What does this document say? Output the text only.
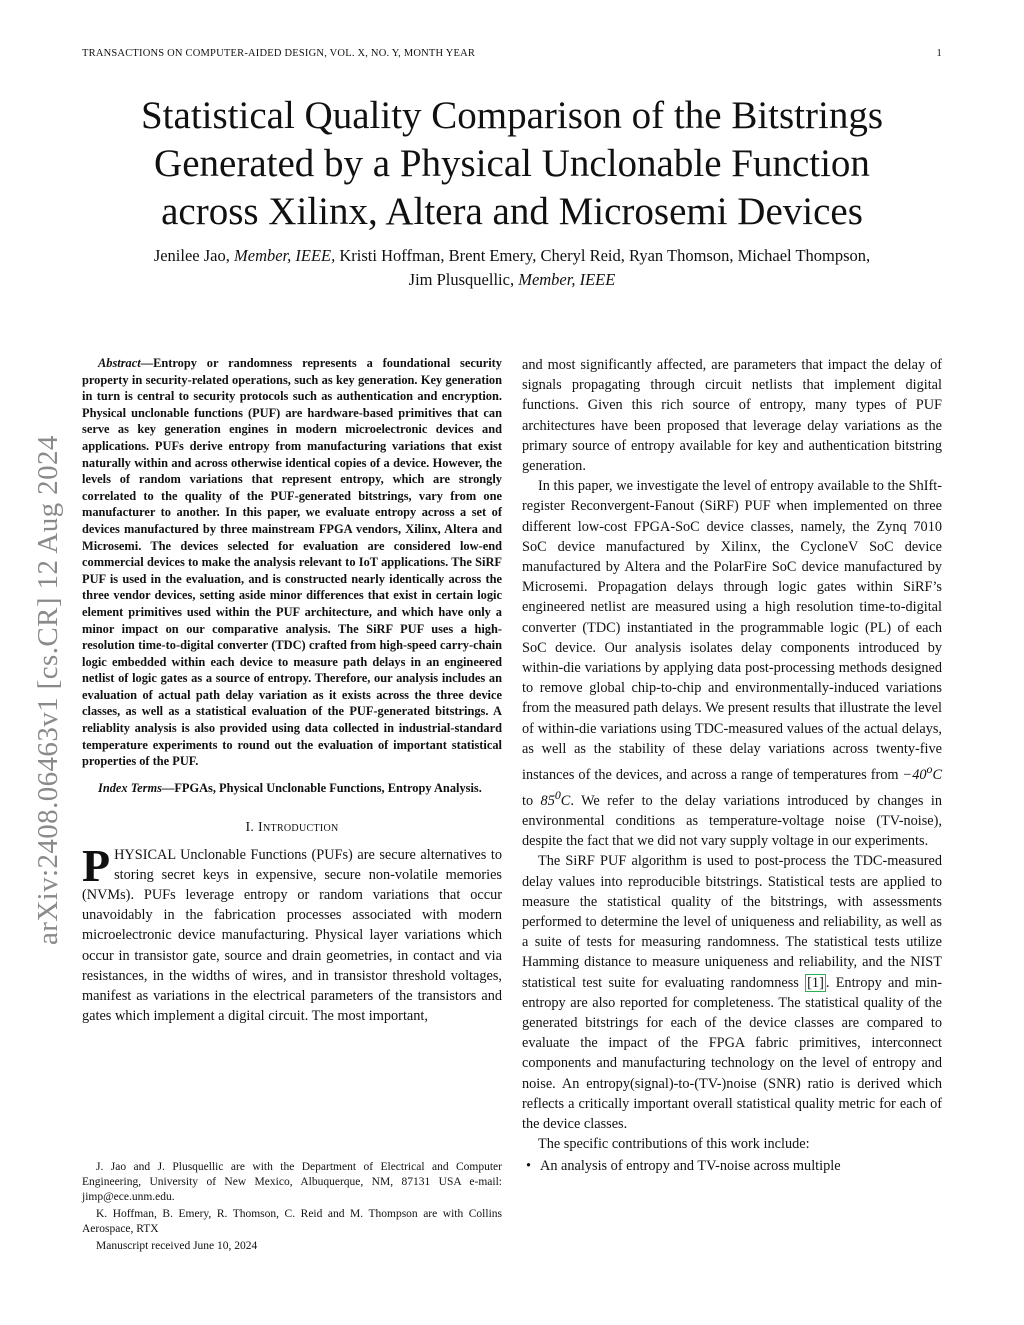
TRANSACTIONS ON COMPUTER-AIDED DESIGN, VOL. X, NO. Y, MONTH YEAR	1
arXiv:2408.06463v1 [cs.CR] 12 Aug 2024
Statistical Quality Comparison of the Bitstrings
Generated by a Physical Unclonable Function
across Xilinx, Altera and Microsemi Devices
Jenilee Jao, Member, IEEE, Kristi Hoffman, Brent Emery, Cheryl Reid, Ryan Thomson, Michael Thompson,
Jim Plusquellic, Member, IEEE

Abstract—Entropy or randomness represents a foundational security property in security-related operations, such as key generation. Key generation in turn is central to security protocols such as authentication and encryption. Physical unclonable functions (PUF) are hardware-based primitives that can serve as key generation engines in modern microelectronic devices and applications. PUFs derive entropy from manufacturing variations that exist naturally within and across otherwise identical copies of a device. However, the levels of random variations that represent entropy, which are strongly correlated to the quality of the PUF-generated bitstrings, vary from one manufacturer to another. In this paper, we evaluate entropy across a set of devices manufactured by three mainstream FPGA vendors, Xilinx, Altera and Microsemi. The devices selected for evaluation are considered low-end commercial devices to make the analysis relevant to IoT applications. The SiRF PUF is used in the evaluation, and is constructed nearly identically across the three vendor devices, setting aside minor differences that exist in certain logic element primitives used within the PUF architecture, and which have only a minor impact on our comparative analysis. The SiRF PUF uses a high-resolution time-to-digital converter (TDC) crafted from high-speed carry-chain logic embedded within each device to measure path delays in an engineered netlist of logic gates as a source of entropy. Therefore, our analysis includes an evaluation of actual path delay variation as it exists across the three device classes, as well as a statistical evaluation of the PUF-generated bitstrings. A reliablity analysis is also provided using data collected in industrial-standard temperature experiments to round out the evaluation of important statistical properties of the PUF.

Index Terms—FPGAs, Physical Unclonable Functions, Entropy Analysis.

I. Introduction

PHYSICAL Unclonable Functions (PUFs) are secure alternatives to storing secret keys in expensive, secure non-volatile memories (NVMs). PUFs leverage entropy or random variations that occur unavoidably in the fabrication processes associated with modern microelectronic device manufacturing. Physical layer variations which occur in transistor gate, source and drain geometries, in contact and via resistances, in the widths of wires, and in transistor threshold voltages, manifest as variations in the electrical parameters of the transistors and gates which implement a digital circuit. The most important,

J. Jao and J. Plusquellic are with the Department of Electrical and Computer Engineering, University of New Mexico, Albuquerque, NM, 87131 USA e-mail: jimp@ece.unm.edu.

K. Hoffman, B. Emery, R. Thomson, C. Reid and M. Thompson are with Collins Aerospace, RTX

Manuscript received June 10, 2024

and most significantly affected, are parameters that impact the delay of signals propagating through circuit netlists that implement digital functions. Given this rich source of entropy, many types of PUF architectures have been proposed that leverage delay variations as the primary source of entropy available for key and authentication bitstring generation.

In this paper, we investigate the level of entropy available to the ShIft-register Reconvergent-Fanout (SiRF) PUF when implemented on three different low-cost FPGA-SoC device classes, namely, the Zynq 7010 SoC device manufactured by Xilinx, the CycloneV SoC device manufactured by Altera and the PolarFire SoC device manufactured by Microsemi. Propagation delays through logic gates within SiRF’s engineered netlist are measured using a high resolution time-to-digital converter (TDC) instantiated in the programmable logic (PL) of each SoC device. Our analysis isolates delay components introduced by within-die variations by applying data post-processing methods designed to remove global chip-to-chip and environmentally-induced variations from the measured path delays. We present results that illustrate the level of within-die variations using TDC-measured values of the actual delays, as well as the stability of these delay variations across twenty-five instances of the devices, and across a range of temperatures from $-40^oC$ to $85^0C$. We refer to the delay variations introduced by changes in environmental conditions as temperature-voltage noise (TV-noise), despite the fact that we did not vary supply voltage in our experiments.

The SiRF PUF algorithm is used to post-process the TDC-measured delay values into reproducible bitstrings. Statistical tests are applied to measure the statistical quality of the bitstrings, with assessments performed to determine the level of uniqueness and reliability, as well as a suite of tests for measuring randomness. The statistical tests utilize Hamming distance to measure uniqueness and reliability, and the NIST statistical test suite for evaluating randomness [1] . Entropy and min-entropy are also reported for completeness. The statistical quality of the generated bitstrings for each of the device classes are compared to evaluate the impact of the FPGA fabric primitives, interconnect components and manufacturing technology on the level of entropy and noise. An entropy(signal)-to-(TV-)noise (SNR) ratio is derived which reflects a critically important overall statistical quality metric for each of the device classes.

The specific contributions of this work include:

• An analysis of entropy and TV-noise across multiple
